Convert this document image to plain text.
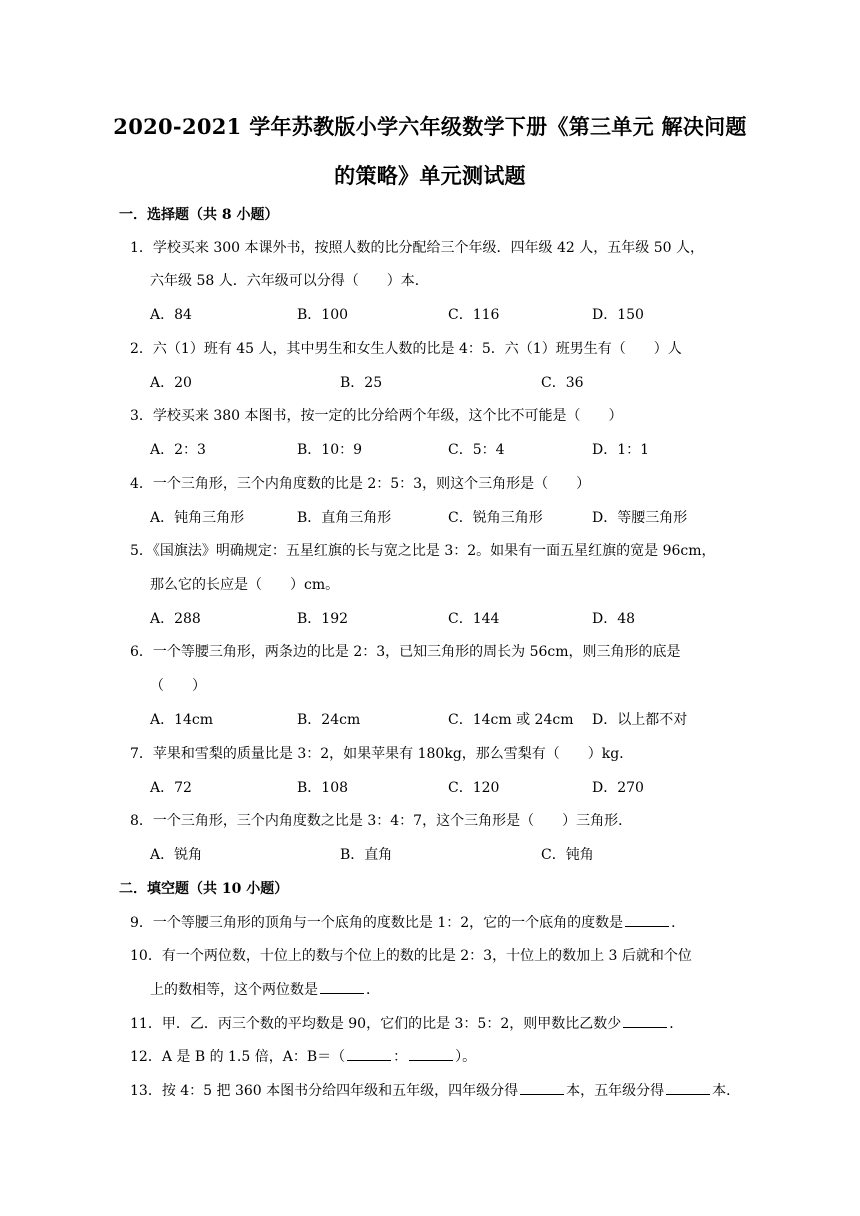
2020-2021 学年苏教版小学六年级数学下册《第三单元 解决问题
的策略》单元测试题
一．选择题（共 8 小题）
1．学校买来 300 本课外书，按照人数的比分配给三个年级．四年级 42 人，五年级 50 人，
六年级 58 人．六年级可以分得（　　）本．
A．84	B．100	C．116	D．150
2．六（1）班有 45 人，其中男生和女生人数的比是 4：5．六（1）班男生有（　　）人
A．20	B．25	C．36
3．学校买来 380 本图书，按一定的比分给两个年级，这个比不可能是（　　）
A．2：3	B．10：9	C．5：4	D．1：1
4．一个三角形，三个内角度数的比是 2：5：3，则这个三角形是（　　）
A．钝角三角形	B．直角三角形	C．锐角三角形	D．等腰三角形
5．《国旗法》明确规定：五星红旗的长与宽之比是 3：2。如果有一面五星红旗的宽是 96cm，
那么它的长应是（　　）cm。
A．288	B．192	C．144	D．48
6．一个等腰三角形，两条边的比是 2：3，已知三角形的周长为 56cm，则三角形的底是
（　　）
A．14cm	B．24cm	C．14cm 或 24cm D．以上都不对
7．苹果和雪梨的质量比是 3：2，如果苹果有 180kg，那么雪梨有（　　）kg．
A．72	B．108	C．120	D．270
8．一个三角形，三个内角度数之比是 3：4：7，这个三角形是（　　）三角形．
A．锐角	B．直角	C．钝角
二．填空题（共 10 小题）
9．一个等腰三角形的顶角与一个底角的度数比是 1：2，它的一个底角的度数是	．
10．有一个两位数，十位上的数与个位上的数的比是 2：3，十位上的数加上 3 后就和个位
上的数相等，这个两位数是	．
11．甲．乙．丙三个数的平均数是 90，它们的比是 3：5：2，则甲数比乙数少	．
12．A 是 B 的 1.5 倍，A：B＝（	：	）。
13．按 4：5 把 360 本图书分给四年级和五年级，四年级分得	本，五年级分得	本．
